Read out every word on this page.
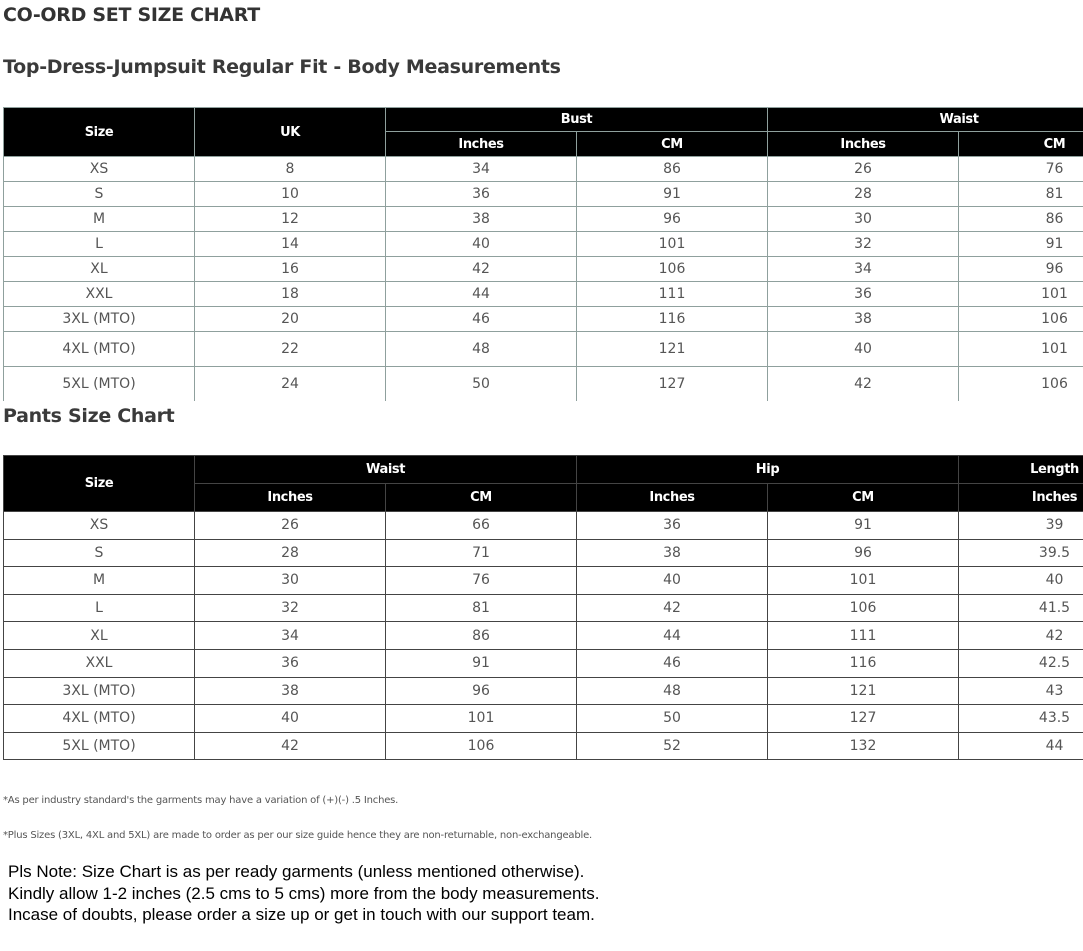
CO-ORD SET SIZE CHART
Top-Dress-Jumpsuit Regular Fit - Body Measurements
Size	UK	Bust		Waist	
		Inches	CM	Inches	CM
XS	8	34	86	26	76
S	10	36	91	28	81
M	12	38	96	30	86
L	14	40	101	32	91
XL	16	42	106	34	96
XXL	18	44	111	36	101
3XL (MTO)	20	46	116	38	106
4XL (MTO)	22	48	121	40	101
5XL (MTO)	24	50	127	42	106
Pants Size Chart
Size	Waist		Hip		Length
	Inches	CM	Inches	CM	Inches
XS	26	66	36	91	39
S	28	71	38	96	39.5
M	30	76	40	101	40
L	32	81	42	106	41.5
XL	34	86	44	111	42
XXL	36	91	46	116	42.5
3XL (MTO)	38	96	48	121	43
4XL (MTO)	40	101	50	127	43.5
5XL (MTO)	42	106	52	132	44
*As per industry standard's the garments may have a variation of (+)(-) .5 Inches.
*Plus Sizes (3XL, 4XL and 5XL) are made to order as per our size guide hence they are non-returnable, non-exchangeable.
Pls Note: Size Chart is as per ready garments (unless mentioned otherwise).
Kindly allow 1-2 inches (2.5 cms to 5 cms) more from the body measurements.
Incase of doubts, please order a size up or get in touch with our support team.
